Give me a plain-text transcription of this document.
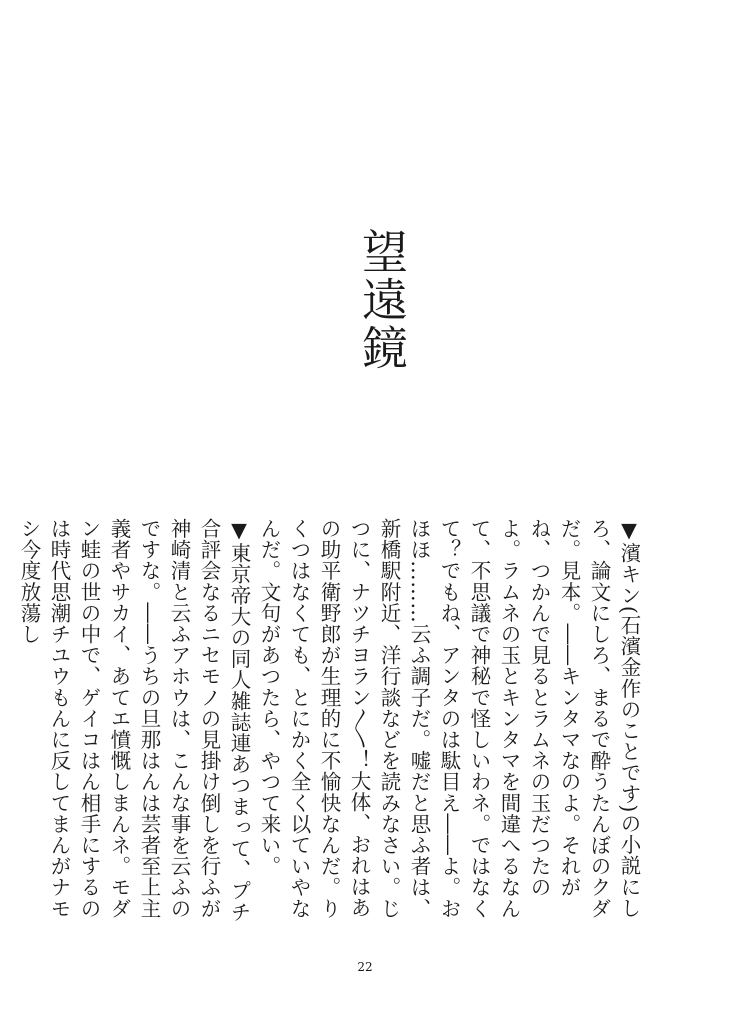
望遠鏡

▼濱キン(石濱金作のことです)の小説にしろ、論文にしろ、まるで酔うたんぼのクダだ。見本。――キンタマなのよ。それがね、つかんで見るとラムネの玉だつたのよ。ラムネの玉とキンタマを間違へるなんて、不思議で神秘で怪しいわネ。ではなくて？でもね、アンタのは駄目え――よ。おほほ………云ふ調子だ。嘘だと思ふ者は、新橋駅附近、洋行談などを読みなさい。じつに、ナツチヨラン〳〵！大体、おれはあの助平衛野郎が生理的に不愉快なんだ。りくつはなくても、とにかく全く以ていやなんだ。文句があつたら、やつて来い。

▼東京帝大の同人雑誌連あつまって、プチ合評会なるニセモノの見掛け倒しを行ふが神崎清と云ふアホウは、こんな事を云ふのですな。――うちの旦那はんは芸者至上主義者やサカイ、あてエ憤慨しまんネ。モダン蛙の世の中で、ゲイコはん相手にするのは時代思潮チユウもんに反してまんがナモシ今度放蕩し

22
